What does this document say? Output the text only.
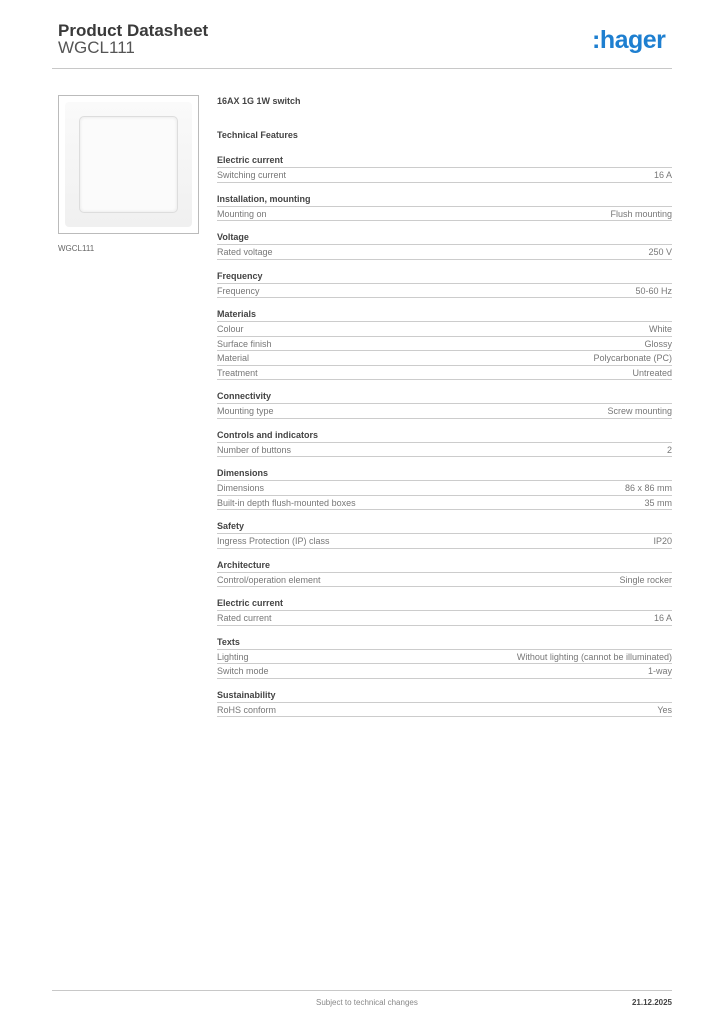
Product Datasheet
WGCL111	:hager
WGCL111
16AX 1G 1W switch
Technical Features
Electric current
Switching current	16 A
Installation, mounting
Mounting on	Flush mounting
Voltage
Rated voltage	250 V
Frequency
Frequency	50-60 Hz
Materials
Colour	White
Surface finish	Glossy
Material	Polycarbonate (PC)
Treatment	Untreated
Connectivity
Mounting type	Screw mounting
Controls and indicators
Number of buttons	2
Dimensions
Dimensions	86 x 86 mm
Built-in depth flush-mounted boxes	35 mm
Safety
Ingress Protection (IP) class	IP20
Architecture
Control/operation element	Single rocker
Electric current
Rated current	16 A
Texts
Lighting	Without lighting (cannot be illuminated)
Switch mode	1-way
Sustainability
RoHS conform	Yes
Subject to technical changes	21.12.2025
